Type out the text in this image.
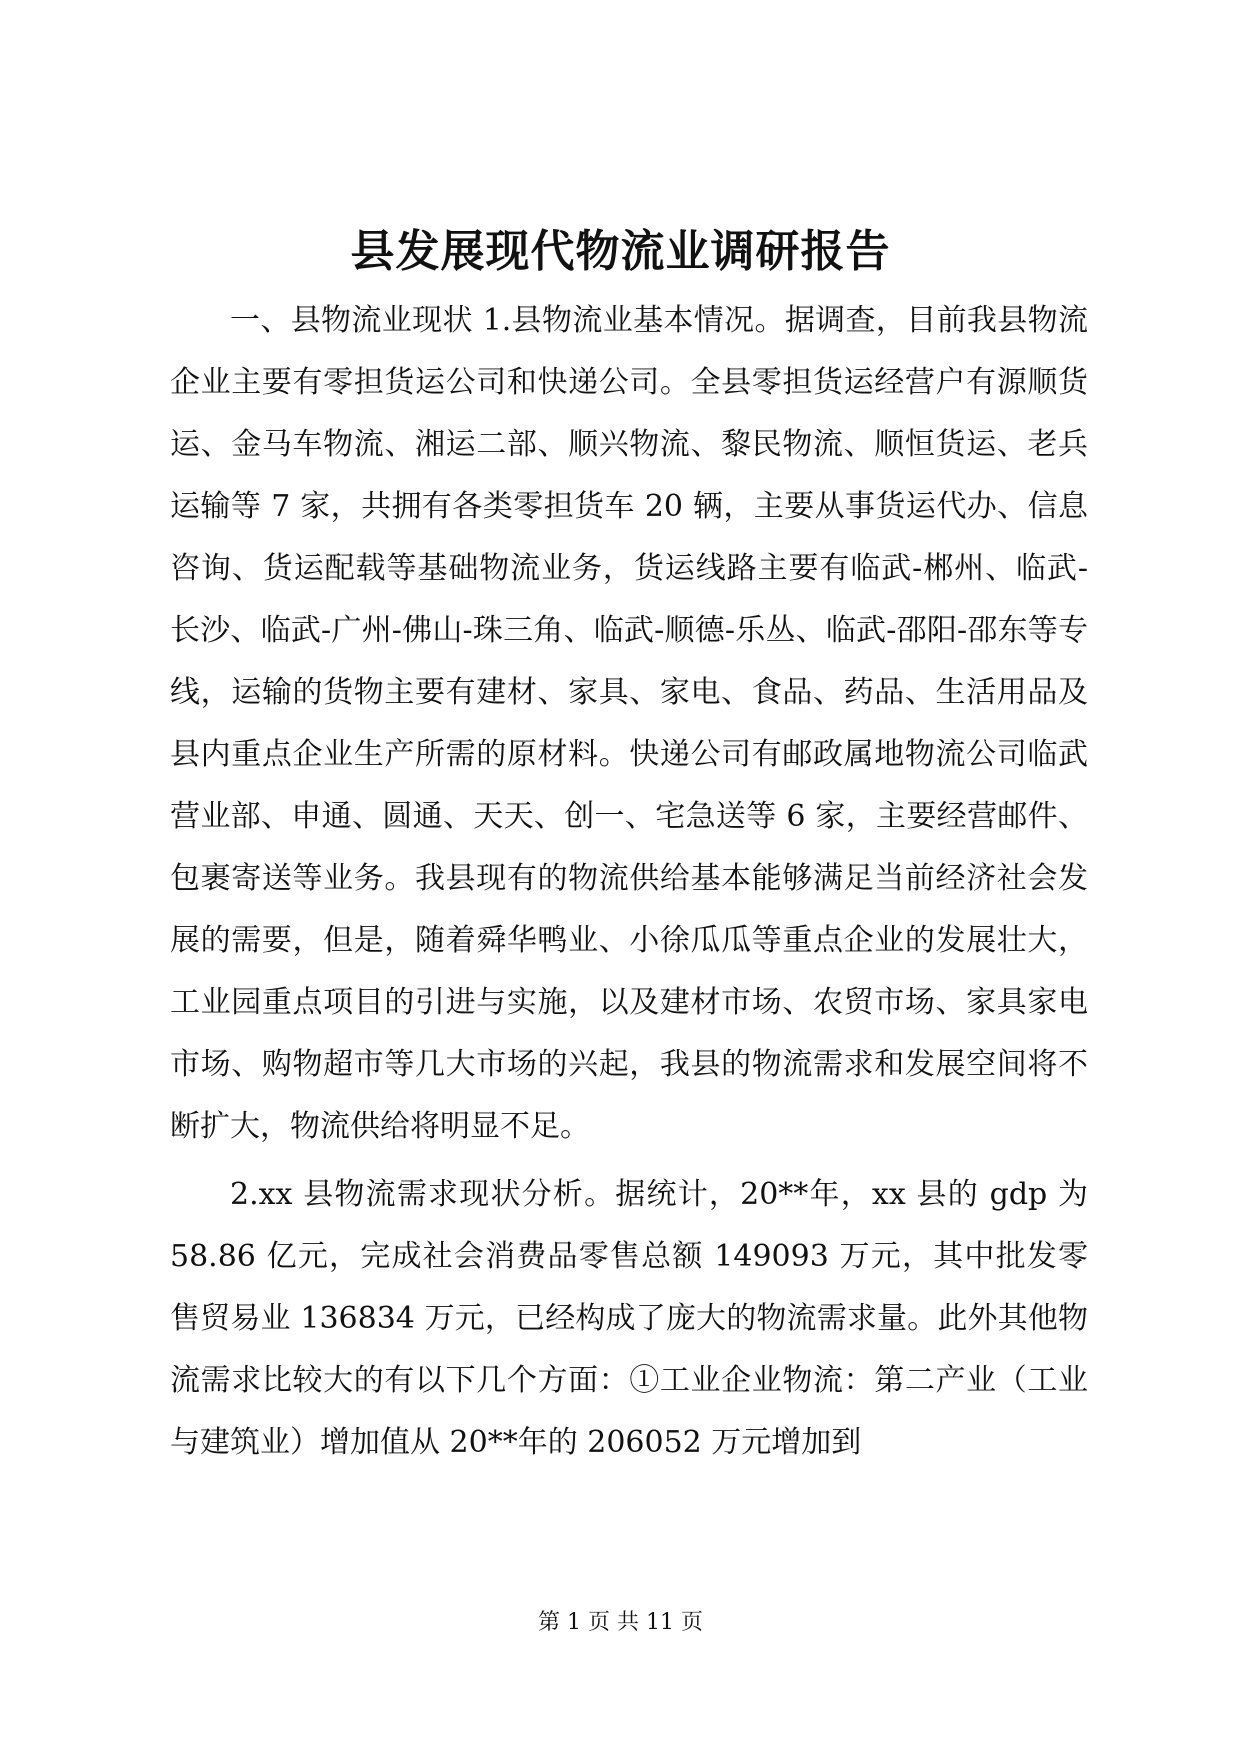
县发展现代物流业调研报告

一、县物流业现状 1.县物流业基本情况。据调查，目前我县物流企业主要有零担货运公司和快递公司。全县零担货运经营户有源顺货运、金马车物流、湘运二部、顺兴物流、黎民物流、顺恒货运、老兵运输等 7 家，共拥有各类零担货车 20 辆，主要从事货运代办、信息咨询、货运配载等基础物流业务，货运线路主要有临武-郴州、临武-长沙、临武-广州-佛山-珠三角、临武-顺德-乐丛、临武-邵阳-邵东等专线，运输的货物主要有建材、家具、家电、食品、药品、生活用品及县内重点企业生产所需的原材料。快递公司有邮政属地物流公司临武营业部、申通、圆通、天天、创一、宅急送等 6 家，主要经营邮件、包裹寄送等业务。我县现有的物流供给基本能够满足当前经济社会发展的需要，但是，随着舜华鸭业、小徐瓜瓜等重点企业的发展壮大，工业园重点项目的引进与实施，以及建材市场、农贸市场、家具家电市场、购物超市等几大市场的兴起，我县的物流需求和发展空间将不断扩大，物流供给将明显不足。

2.xx 县物流需求现状分析。据统计，20**年，xx 县的 gdp 为 58.86 亿元，完成社会消费品零售总额 149093 万元，其中批发零售贸易业 136834 万元，已经构成了庞大的物流需求量。此外其他物流需求比较大的有以下几个方面：①工业企业物流：第二产业（工业与建筑业）增加值从 20**年的 206052 万元增加到

第 1 页 共 11 页
